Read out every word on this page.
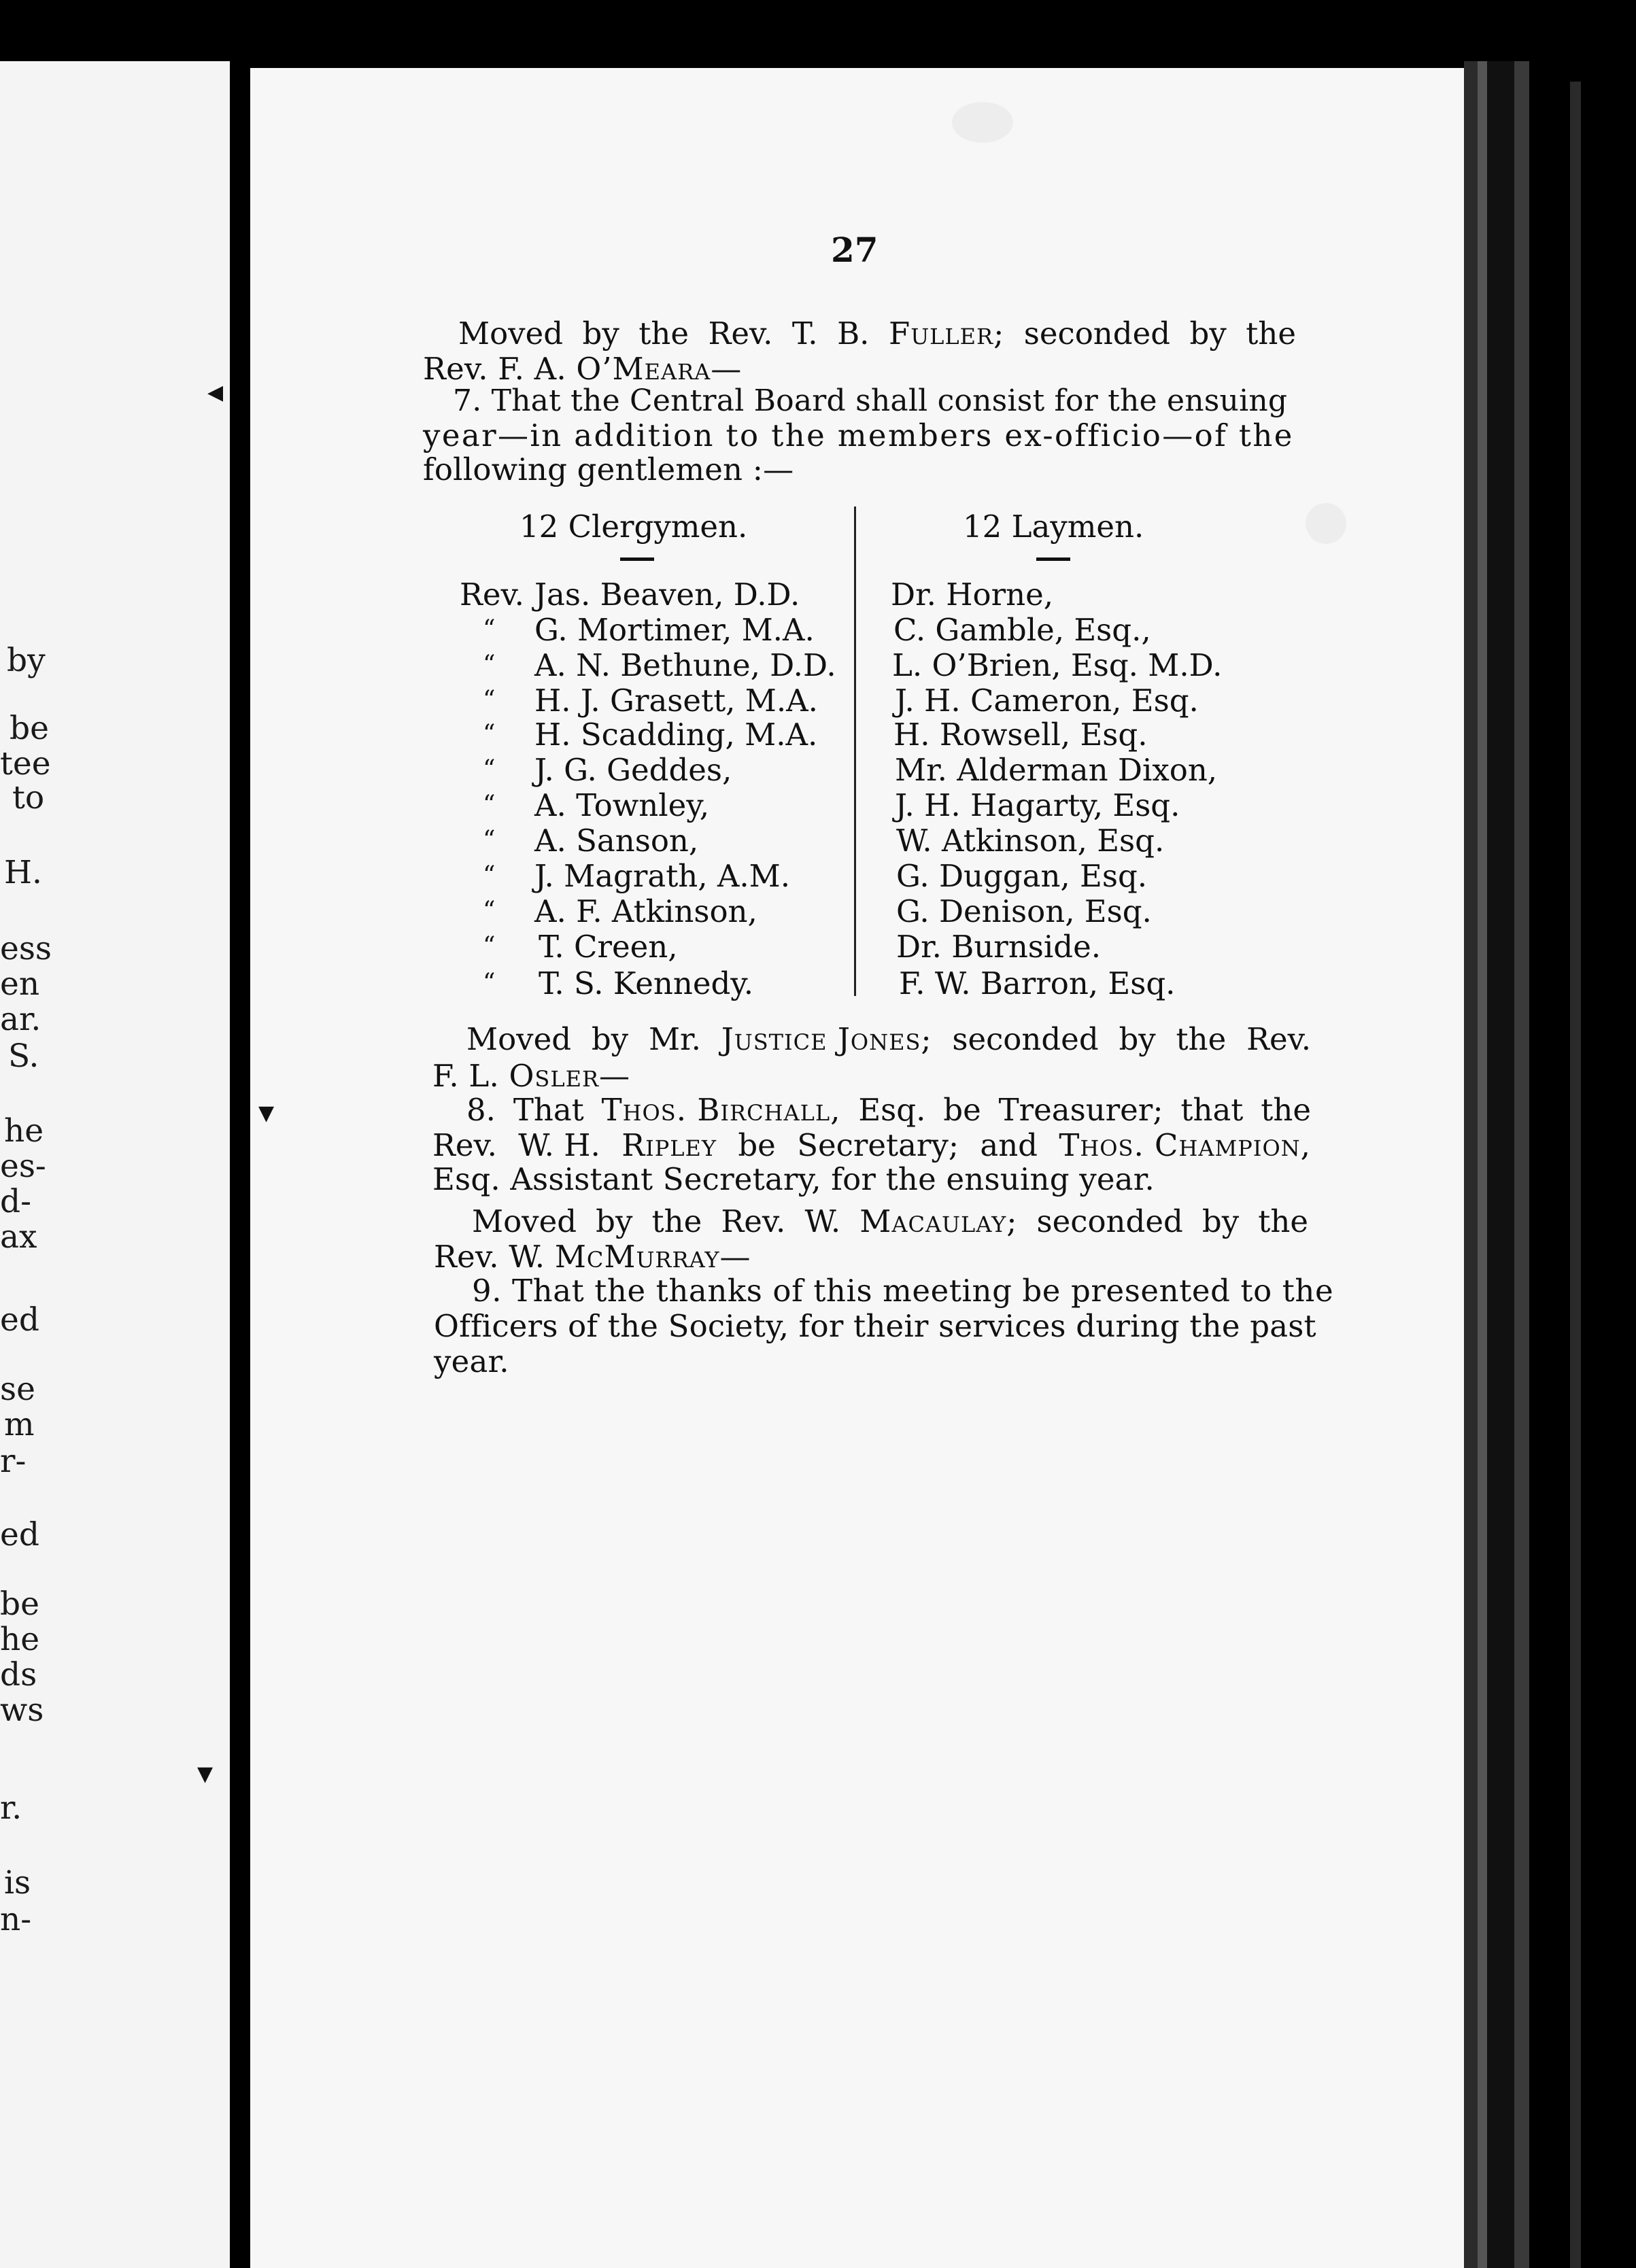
by
be
tee
to
H.
ess
en
ar.
S.
he
es-
d-
ax
ed
se
m
r-
ed
be
he
ds
ws
r.
is
n-
◀
▼
▼
27
Moved by the Rev. T. B. Fuller; seconded by the
Rev. F. A. O’Meara—
7. That the Central Board shall consist for the ensuing
year—in addition to the members ex-officio—of the
following gentlemen :—
12 Clergymen.	12 Laymen.
Rev. Jas. Beaven, D.D.
“ G. Mortimer, M.A.
“ A. N. Bethune, D.D.
“ H. J. Grasett, M.A.
“ H. Scadding, M.A.
“ J. G. Geddes,
“ A. Townley,
“ A. Sanson,
“ J. Magrath, A.M.
“ A. F. Atkinson,
“ T. Creen,
“ T. S. Kennedy.
Dr. Horne,
C. Gamble, Esq.,
L. O’Brien, Esq. M.D.
J. H. Cameron, Esq.
H. Rowsell, Esq.
Mr. Alderman Dixon,
J. H. Hagarty, Esq.
W. Atkinson, Esq.
G. Duggan, Esq.
G. Denison, Esq.
Dr. Burnside.
F. W. Barron, Esq.
Moved by Mr. Justice Jones; seconded by the Rev.
F. L. Osler—
8. That Thos. Birchall, Esq. be Treasurer; that the
Rev. W. H. Ripley be Secretary; and Thos. Champion,
Esq. Assistant Secretary, for the ensuing year.
Moved by the Rev. W. Macaulay; seconded by the
Rev. W. McMurray—
9. That the thanks of this meeting be presented to the
Officers of the Society, for their services during the past
year.
